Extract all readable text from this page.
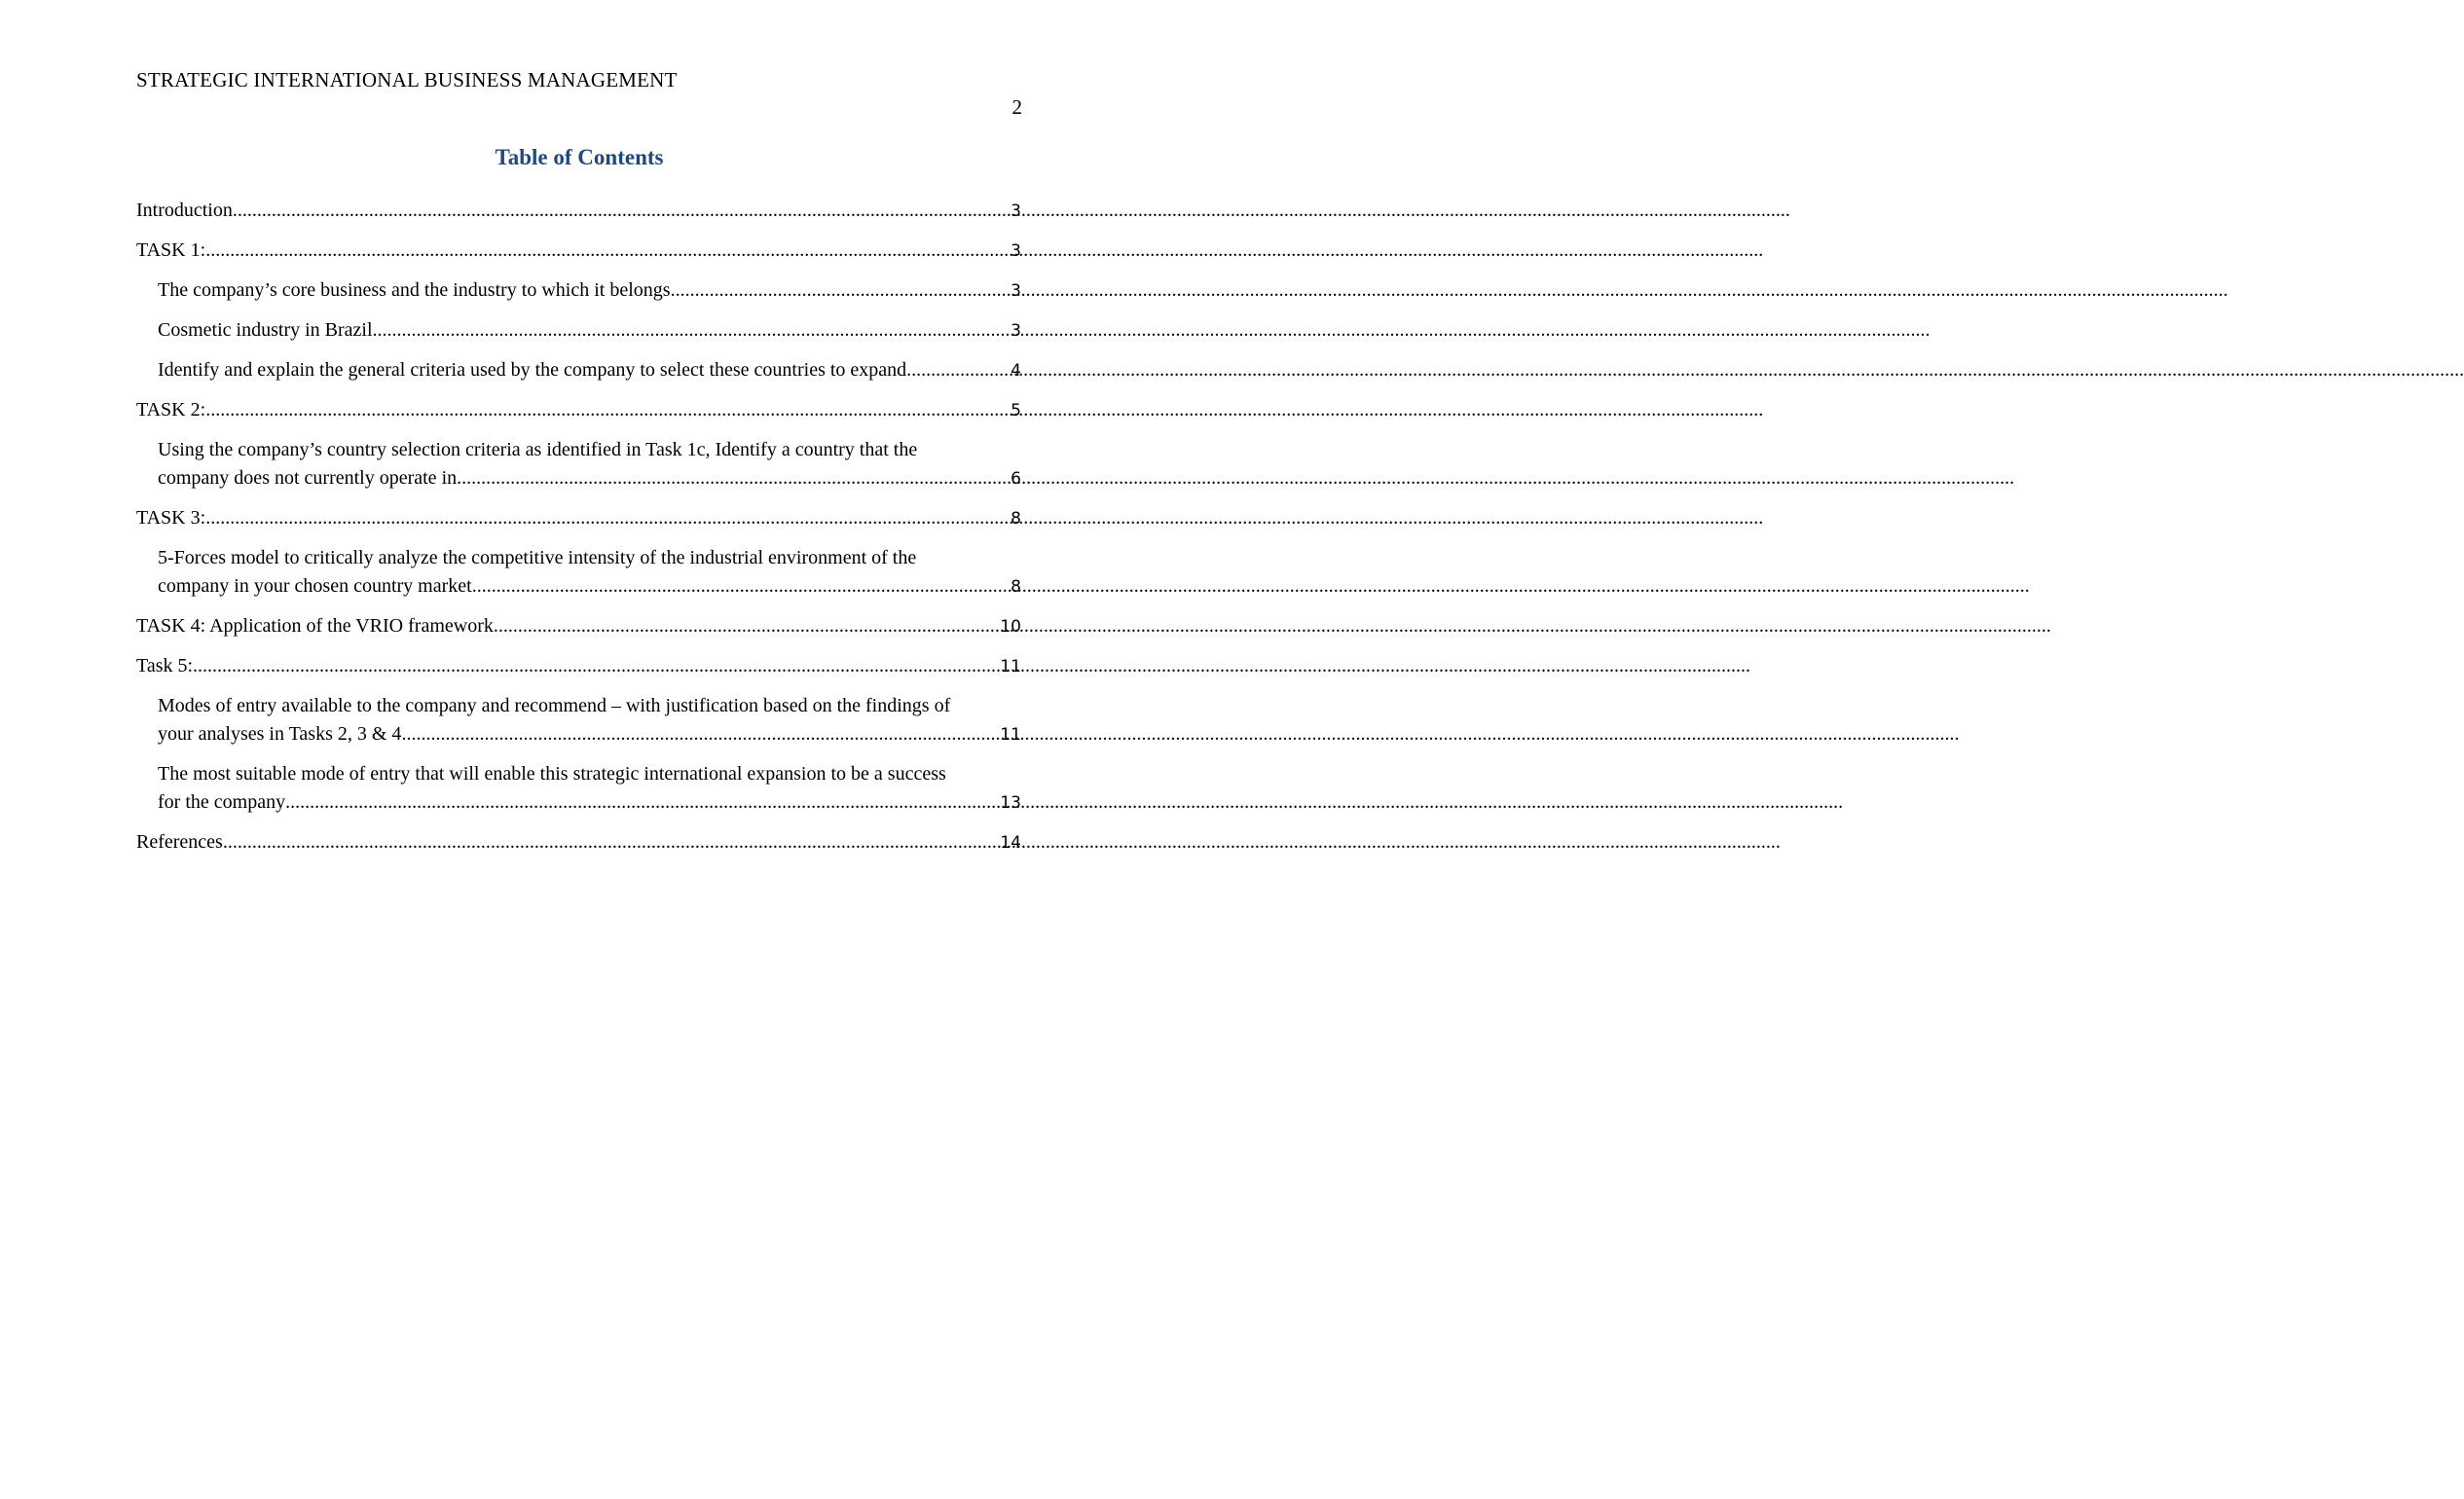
STRATEGIC INTERNATIONAL BUSINESS MANAGEMENT
2
Table of Contents
Introduction .....	3
TASK 1: .....	3
The company’s core business and the industry to which it belongs .....	3
Cosmetic industry in Brazil .....	3
Identify and explain the general criteria used by the company to select these countries to expand .....	4
TASK 2: .....	5
Using the company’s country selection criteria as identified in Task 1c, Identify a country that the
company does not currently operate in .....	6
TASK 3: .....	8
5-Forces model to critically analyze the competitive intensity of the industrial environment of the
company in your chosen country market .....	8
TASK 4: Application of the VRIO framework .....	10
Task 5: .....	11
Modes of entry available to the company and recommend – with justification based on the findings of
your analyses in Tasks 2, 3 & 4 .....	11
The most suitable mode of entry that will enable this strategic international expansion to be a success
for the company .....	13
References .....	14
